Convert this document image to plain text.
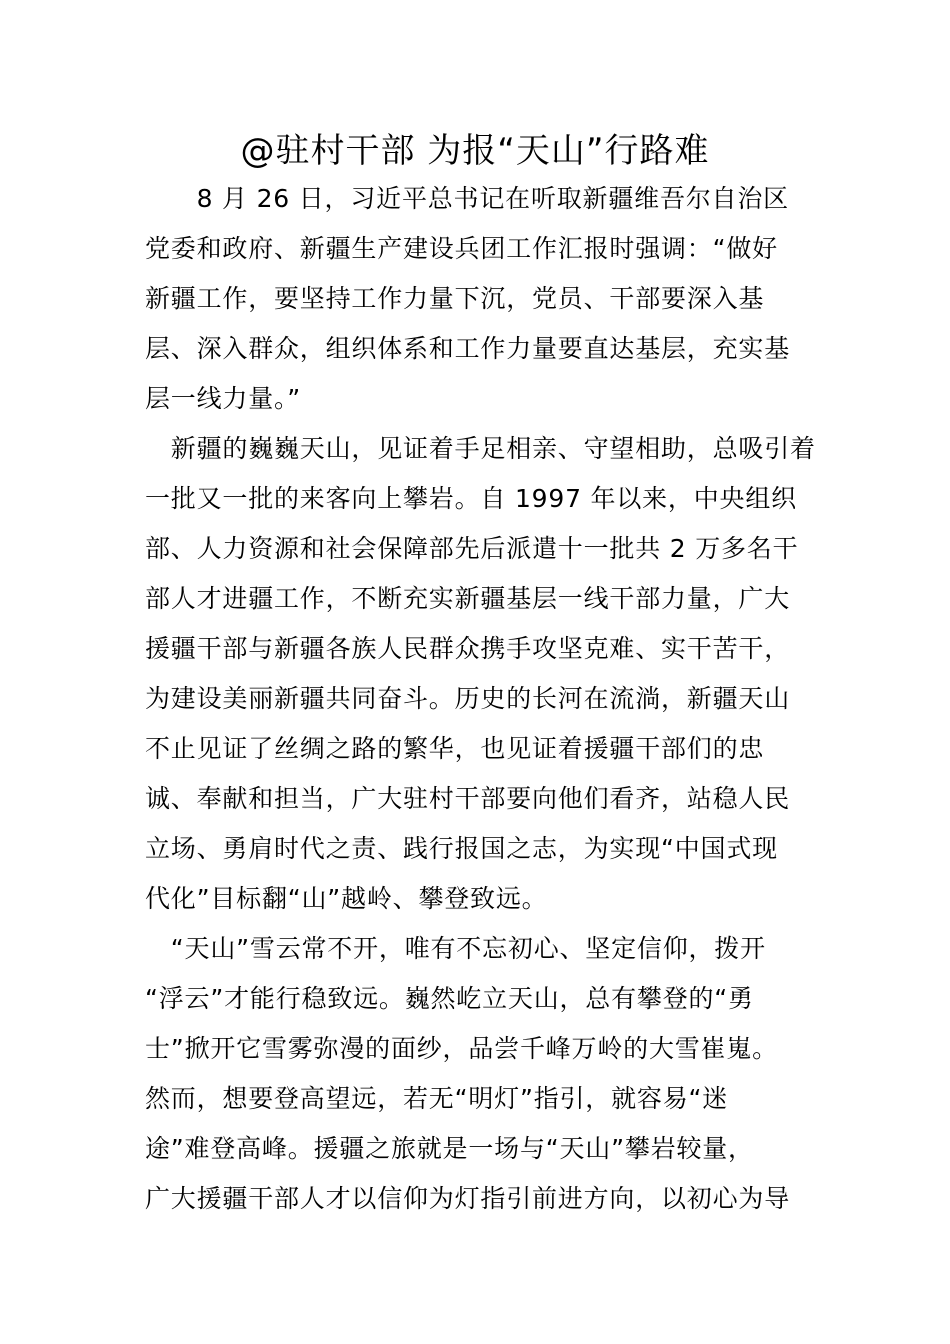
@驻村干部 为报“天山”行路难
　　8 月 26 日，习近平总书记在听取新疆维吾尔自治区
党委和政府、新疆生产建设兵团工作汇报时强调：“做好
新疆工作，要坚持工作力量下沉，党员、干部要深入基
层、深入群众，组织体系和工作力量要直达基层，充实基
层一线力量。”
　新疆的巍巍天山，见证着手足相亲、守望相助，总吸引着
一批又一批的来客向上攀岩。自 1997 年以来，中央组织
部、人力资源和社会保障部先后派遣十一批共 2 万多名干
部人才进疆工作，不断充实新疆基层一线干部力量，广大
援疆干部与新疆各族人民群众携手攻坚克难、实干苦干，
为建设美丽新疆共同奋斗。历史的长河在流淌，新疆天山
不止见证了丝绸之路的繁华，也见证着援疆干部们的忠
诚、奉献和担当，广大驻村干部要向他们看齐，站稳人民
立场、勇肩时代之责、践行报国之志，为实现“中国式现
代化”目标翻“山”越岭、攀登致远。
　“天山”雪云常不开，唯有不忘初心、坚定信仰，拨开
“浮云”才能行稳致远。巍然屹立天山，总有攀登的“勇
士”掀开它雪雾弥漫的面纱，品尝千峰万岭的大雪崔嵬。
然而，想要登高望远，若无“明灯”指引，就容易“迷
途”难登高峰。援疆之旅就是一场与“天山”攀岩较量，
广大援疆干部人才以信仰为灯指引前进方向，以初心为导
